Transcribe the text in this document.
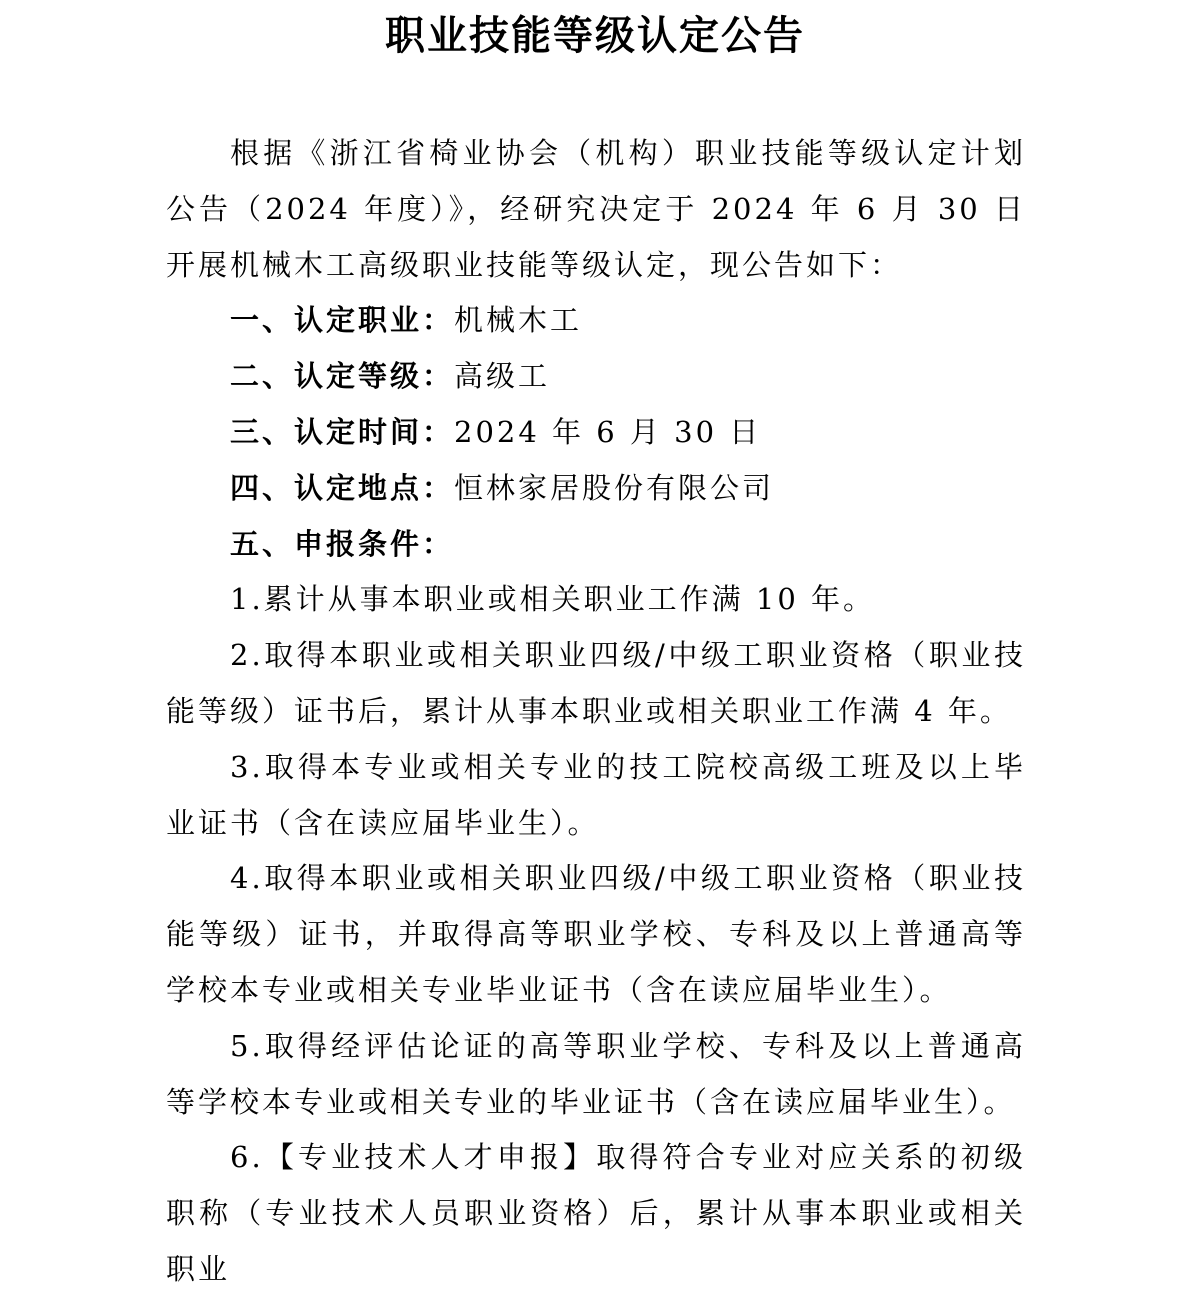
职业技能等级认定公告

根据《浙江省椅业协会（机构）职业技能等级认定计划公告（2024 年度）》，经研究决定于 2024 年 6 月 30 日开展机械木工高级职业技能等级认定，现公告如下：

一、认定职业：机械木工

二、认定等级：高级工

三、认定时间：2024 年 6 月 30 日

四、认定地点：恒林家居股份有限公司

五、申报条件：

1.累计从事本职业或相关职业工作满 10 年。

2.取得本职业或相关职业四级/中级工职业资格（职业技能等级）证书后，累计从事本职业或相关职业工作满 4 年。

3.取得本专业或相关专业的技工院校高级工班及以上毕业证书（含在读应届毕业生）。

4.取得本职业或相关职业四级/中级工职业资格（职业技能等级）证书，并取得高等职业学校、专科及以上普通高等学校本专业或相关专业毕业证书（含在读应届毕业生）。

5.取得经评估论证的高等职业学校、专科及以上普通高等学校本专业或相关专业的毕业证书（含在读应届毕业生）。

6.【专业技术人才申报】取得符合专业对应关系的初级职称（专业技术人员职业资格）后，累计从事本职业或相关职业
